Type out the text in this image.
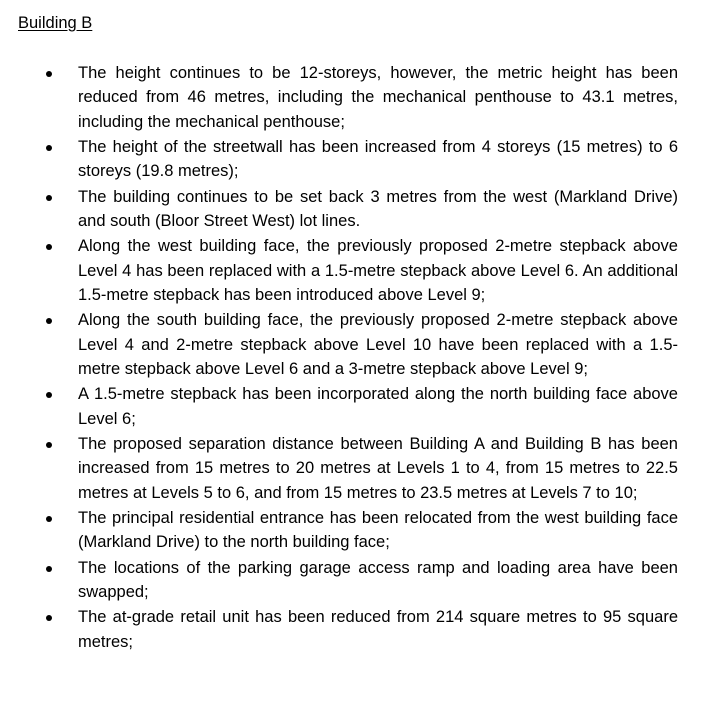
Building B
The height continues to be 12-storeys, however, the metric height has been reduced from 46 metres, including the mechanical penthouse to 43.1 metres, including the mechanical penthouse;
The height of the streetwall has been increased from 4 storeys (15 metres) to 6 storeys (19.8 metres);
The building continues to be set back 3 metres from the west (Markland Drive) and south (Bloor Street West) lot lines.
Along the west building face, the previously proposed 2-metre stepback above Level 4 has been replaced with a 1.5-metre stepback above Level 6. An additional 1.5-metre stepback has been introduced above Level 9;
Along the south building face, the previously proposed 2-metre stepback above Level 4 and 2-metre stepback above Level 10 have been replaced with a 1.5-metre stepback above Level 6 and a 3-metre stepback above Level 9;
A 1.5-metre stepback has been incorporated along the north building face above Level 6;
The proposed separation distance between Building A and Building B has been increased from 15 metres to 20 metres at Levels 1 to 4, from 15 metres to 22.5 metres at Levels 5 to 6, and from 15 metres to 23.5 metres at Levels 7 to 10;
The principal residential entrance has been relocated from the west building face (Markland Drive) to the north building face;
The locations of the parking garage access ramp and loading area have been swapped;
The at-grade retail unit has been reduced from 214 square metres to 95 square metres;
